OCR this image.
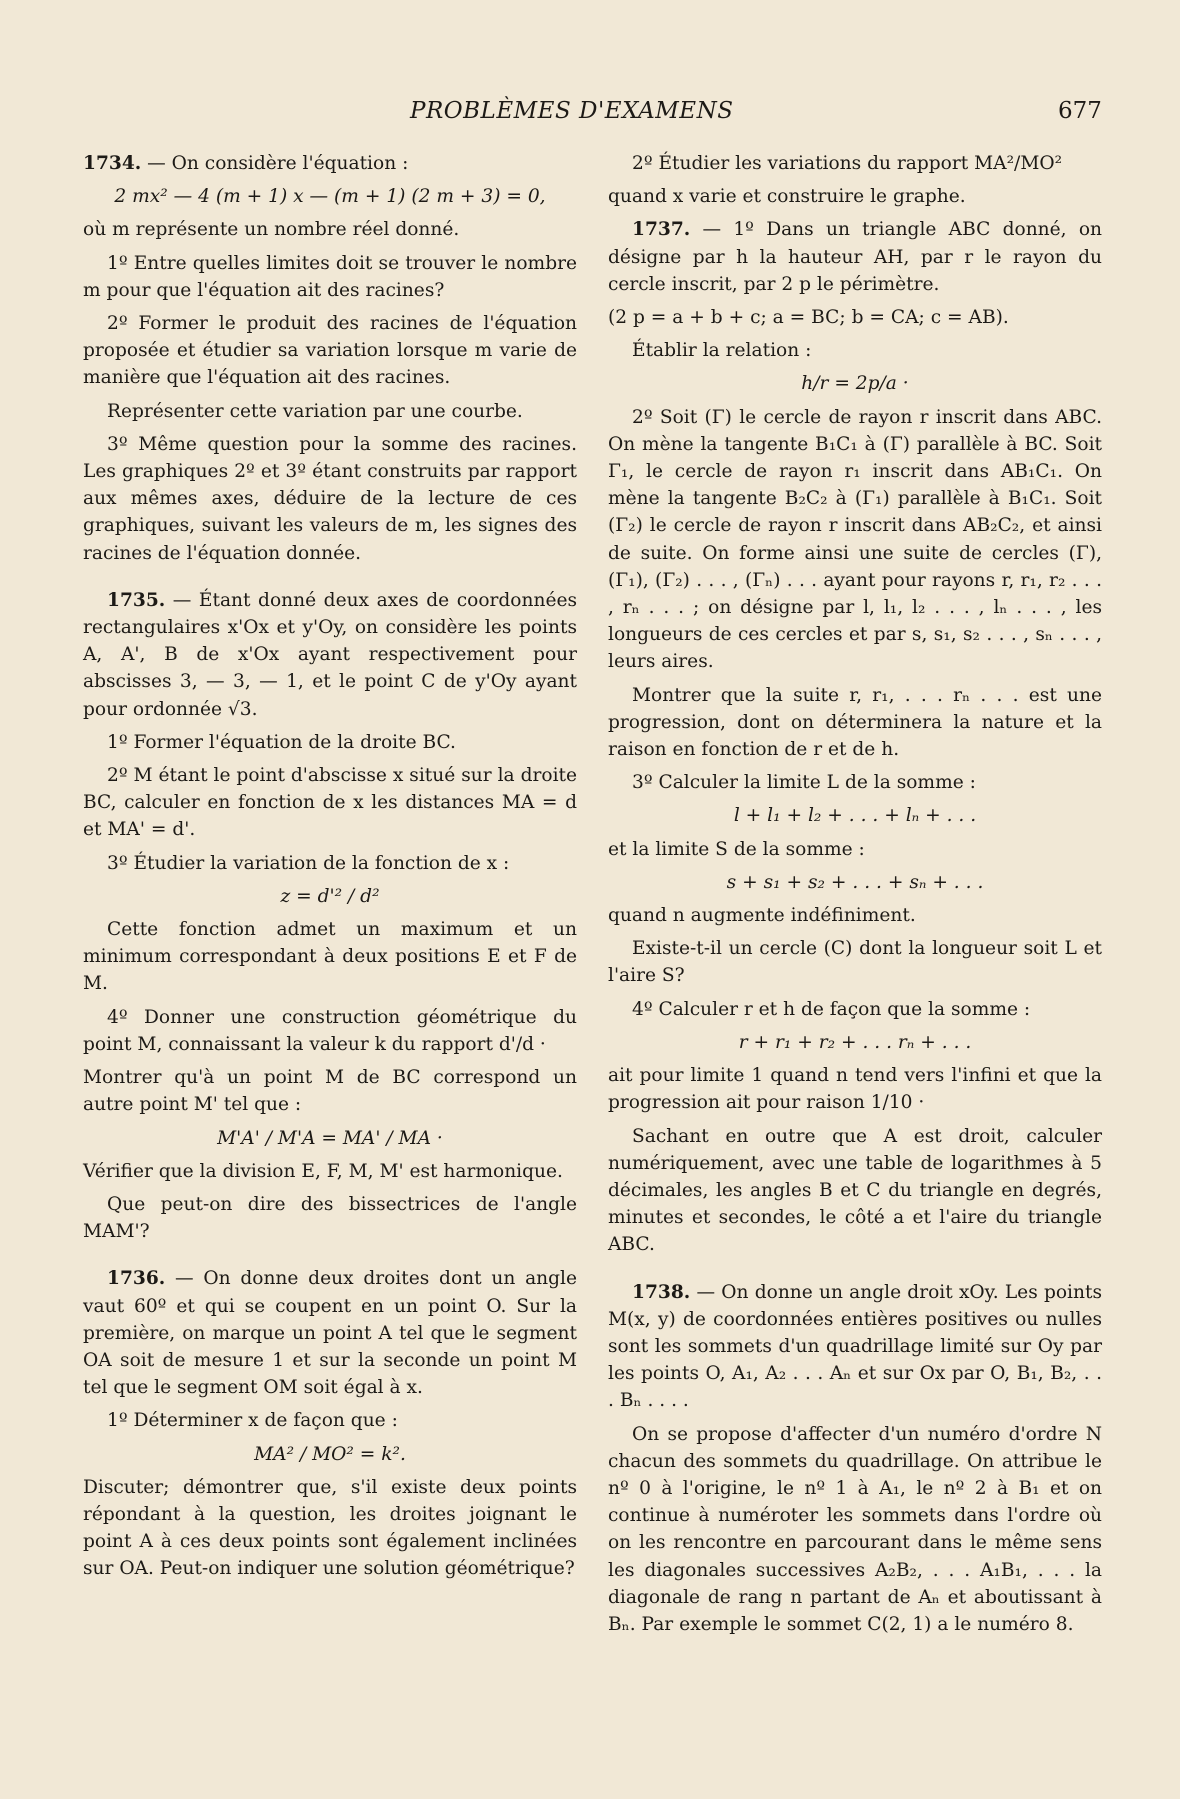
PROBLÈMES D'EXAMENS	677

1734. — On considère l'équation :

2 mx² — 4 (m + 1) x — (m + 1) (2 m + 3) = 0,

où m représente un nombre réel donné.

1º Entre quelles limites doit se trouver le nombre m pour que l'équation ait des racines?

2º Former le produit des racines de l'équation proposée et étudier sa variation lorsque m varie de manière que l'équation ait des racines.

Représenter cette variation par une courbe.

3º Même question pour la somme des racines. Les graphiques 2º et 3º étant construits par rapport aux mêmes axes, déduire de la lecture de ces graphiques, suivant les valeurs de m, les signes des racines de l'équation donnée.

1735. — Étant donné deux axes de coordonnées rectangulaires x'Ox et y'Oy, on considère les points A, A', B de x'Ox ayant respectivement pour abscisses 3, — 3, — 1, et le point C de y'Oy ayant pour ordonnée √3.

1º Former l'équation de la droite BC.

2º M étant le point d'abscisse x situé sur la droite BC, calculer en fonction de x les distances MA = d et MA' = d'.

3º Étudier la variation de la fonction de x :

z = d'² / d²

Cette fonction admet un maximum et un minimum correspondant à deux positions E et F de M.

4º Donner une construction géométrique du point M, connaissant la valeur k du rapport d'/d ·

Montrer qu'à un point M de BC correspond un autre point M' tel que :

M'A' / M'A = MA' / MA ·

Vérifier que la division E, F, M, M' est harmonique.

Que peut-on dire des bissectrices de l'angle MAM'?

1736. — On donne deux droites dont un angle vaut 60º et qui se coupent en un point O. Sur la première, on marque un point A tel que le segment OA soit de mesure 1 et sur la seconde un point M tel que le segment OM soit égal à x.

1º Déterminer x de façon que :

MA² / MO² = k².

Discuter; démontrer que, s'il existe deux points répondant à la question, les droites joignant le point A à ces deux points sont également inclinées sur OA. Peut-on indiquer une solution géométrique?

2º Étudier les variations du rapport MA²/MO²

quand x varie et construire le graphe.

1737. — 1º Dans un triangle ABC donné, on désigne par h la hauteur AH, par r le rayon du cercle inscrit, par 2 p le périmètre.

(2 p = a + b + c; a = BC; b = CA; c = AB).

Établir la relation :

h/r = 2p/a ·

2º Soit (Γ) le cercle de rayon r inscrit dans ABC. On mène la tangente B₁C₁ à (Γ) parallèle à BC. Soit Γ₁, le cercle de rayon r₁ inscrit dans AB₁C₁. On mène la tangente B₂C₂ à (Γ₁) parallèle à B₁C₁. Soit (Γ₂) le cercle de rayon r inscrit dans AB₂C₂, et ainsi de suite. On forme ainsi une suite de cercles (Γ), (Γ₁), (Γ₂) . . . , (Γₙ) . . . ayant pour rayons r, r₁, r₂ . . . , rₙ . . . ; on désigne par l, l₁, l₂ . . . , lₙ . . . , les longueurs de ces cercles et par s, s₁, s₂ . . . , sₙ . . . , leurs aires.

Montrer que la suite r, r₁, . . . rₙ . . . est une progression, dont on déterminera la nature et la raison en fonction de r et de h.

3º Calculer la limite L de la somme :

l + l₁ + l₂ + . . . + lₙ + . . .

et la limite S de la somme :

s + s₁ + s₂ + . . . + sₙ + . . .

quand n augmente indéfiniment.

Existe-t-il un cercle (C) dont la longueur soit L et l'aire S?

4º Calculer r et h de façon que la somme :

r + r₁ + r₂ + . . . rₙ + . . .

ait pour limite 1 quand n tend vers l'infini et que la progression ait pour raison 1/10 ·

Sachant en outre que A est droit, calculer numériquement, avec une table de logarithmes à 5 décimales, les angles B et C du triangle en degrés, minutes et secondes, le côté a et l'aire du triangle ABC.

1738. — On donne un angle droit xOy. Les points M(x, y) de coordonnées entières positives ou nulles sont les sommets d'un quadrillage limité sur Oy par les points O, A₁, A₂ . . . Aₙ et sur Ox par O, B₁, B₂, . . . Bₙ . . . .

On se propose d'affecter d'un numéro d'ordre N chacun des sommets du quadrillage. On attribue le nº 0 à l'origine, le nº 1 à A₁, le nº 2 à B₁ et on continue à numéroter les sommets dans l'ordre où on les rencontre en parcourant dans le même sens les diagonales successives A₂B₂, . . . A₁B₁, . . . la diagonale de rang n partant de Aₙ et aboutissant à Bₙ. Par exemple le sommet C(2, 1) a le numéro 8.
